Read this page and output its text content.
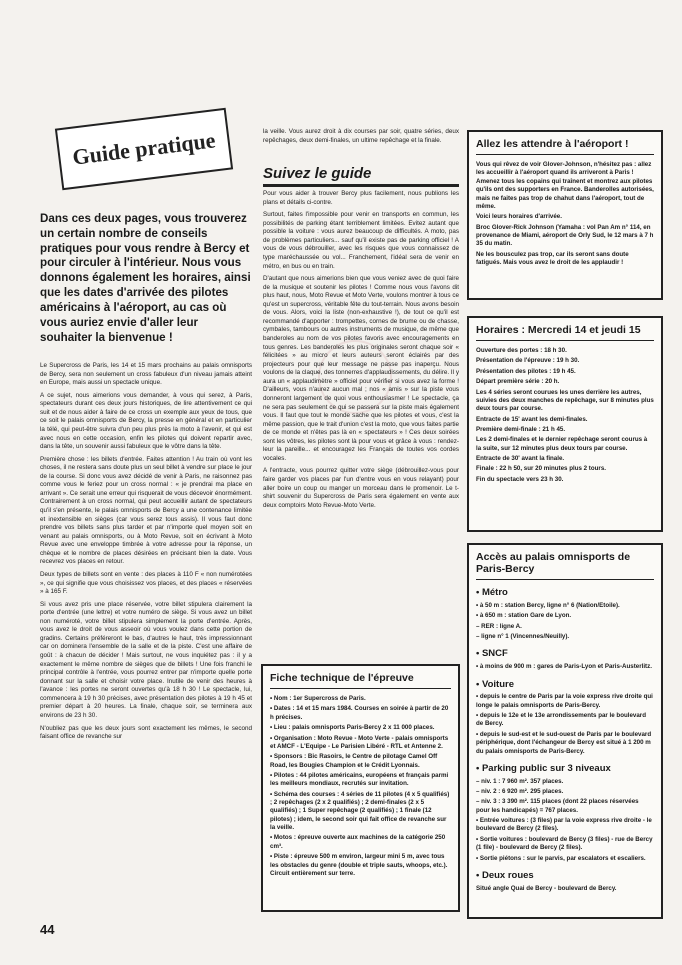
Guide pratique
Dans ces deux pages, vous trouverez un certain nombre de conseils pratiques pour vous rendre à Bercy et pour circuler à l'intérieur. Nous vous donnons également les horaires, ainsi que les dates d'arrivée des pilotes américains à l'aéroport, au cas où vous auriez envie d'aller leur souhaiter la bienvenue !

Le Supercross de Paris, les 14 et 15 mars prochains au palais omnisports de Bercy, sera non seulement un cross fabuleux d'un niveau jamais atteint en Europe, mais aussi un spectacle unique.

A ce sujet, nous aimerions vous demander, à vous qui serez, à Paris, spectateurs durant ces deux jours historiques, de lire attentivement ce qui suit et de nous aider à faire de ce cross un exemple aux yeux de tous, que ce soit le palais omnisports de Bercy, la presse en général et en particulier la télé, qui peut-être suivra d'un peu plus près la moto à l'avenir, et qui est avec nous en cette occasion, enfin les pilotes qui doivent repartir avec, dans la tête, un souvenir aussi fabuleux que le vôtre dans la tête.

Première chose : les billets d'entrée. Faites attention ! Au train où vont les choses, il ne restera sans doute plus un seul billet à vendre sur place le jour de la course. Si donc vous avez décidé de venir à Paris, ne raisonnez pas comme vous le feriez pour un cross normal : « je prendrai ma place en arrivant ». Ce serait une erreur qui risquerait de vous décevoir énormément. Contrairement à un cross normal, qui peut accueillir autant de spectateurs qu'il s'en présente, le palais omnisports de Bercy a une contenance limitée et inextensible en sièges (car vous serez tous assis). Il vous faut donc prendre vos billets sans plus tarder et par n'importe quel moyen soit en venant au palais omnisports, ou à Moto Revue, soit en écrivant à Moto Revue avec une enveloppe timbrée à votre adresse pour la réponse, un chèque et le nombre de places désirées en précisant bien la date. Vous recevrez vos places en retour.

Deux types de billets sont en vente : des places à 110 F « non numérotées », ce qui signifie que vous choisissez vos places, et des places « réservées » à 165 F.

Si vous avez pris une place réservée, votre billet stipulera clairement la porte d'entrée (une lettre) et votre numéro de siège. Si vous avez un billet non numéroté, votre billet stipulera simplement la porte d'entrée. Après, vous avez le droit de vous asseoir où vous voulez dans cette portion de gradins. Certains préféreront le bas, d'autres le haut, très impressionnant car on dominera l'ensemble de la salle et de la piste. C'est une affaire de goût : à chacun de décider ! Mais surtout, ne vous inquiétez pas : il y a exactement le même nombre de sièges que de billets ! Une fois franchi le principal contrôle à l'entrée, vous pourrez entrer par n'importe quelle porte donnant sur la salle et choisir votre place. Inutile de venir des heures à l'avance : les portes ne seront ouvertes qu'à 18 h 30 ! Le spectacle, lui, commencera à 19 h 30 précises, avec présentation des pilotes à 19 h 45 et premier départ à 20 heures. La finale, chaque soir, se terminera aux environs de 23 h 30.

N'oubliez pas que les deux jours sont exactement les mêmes, le second faisant office de revanche sur

la veille. Vous aurez droit à dix courses par soir, quatre séries, deux repêchages, deux demi-finales, un ultime repêchage et la finale.
Suivez le guide

Pour vous aider à trouver Bercy plus facilement, nous publions les plans et détails ci-contre.

Surtout, faites l'impossible pour venir en transports en commun, les possibilités de parking étant terriblement limitées. Evitez autant que possible la voiture : vous aurez beaucoup de difficultés. A moto, pas de problèmes particuliers... sauf qu'il existe pas de parking officiel ! A vous de vous débrouiller, avec les risques que vous connaissez de type maréchaussée ou vol... Franchement, l'idéal sera de venir en métro, en bus ou en train.

D'autant que nous aimerions bien que vous veniez avec de quoi faire de la musique et soutenir les pilotes ! Comme nous vous l'avons dit plus haut, nous, Moto Revue et Moto Verte, voulons montrer à tous ce qu'est un supercross, véritable fête du tout-terrain. Nous avons besoin de vous. Alors, voici la liste (non-exhaustive !), de tout ce qu'il est recommandé d'apporter : trompettes, cornes de brume ou de chasse, cymbales, tambours ou autres instruments de musique, de même que banderoles au nom de vos pilotes favoris avec encouragements en tous genres. Les banderoles les plus originales seront chaque soir « félicitées » au micro et leurs auteurs seront éclairés par des projecteurs pour que leur message ne passe pas inaperçu. Nous voulons de la claque, des tonnerres d'applaudissements, du délire. Il y aura un « applaudimètre » officiel pour vérifier si vous avez la forme ! D'ailleurs, vous n'aurez aucun mal ; nos « amis » sur la piste vous donneront largement de quoi vous enthousiasmer ! Le spectacle, ça ne sera pas seulement ce qui se passera sur la piste mais également vous. Il faut que tout le monde sache que les pilotes et vous, c'est la même passion, que le trait d'union c'est la moto, que vous faites partie de ce monde et n'êtes pas là en « spectateurs » ! Ces deux soirées sont les vôtres, les pilotes sont là pour vous et grâce à vous : rendez-leur la pareille... et encouragez les Français de toutes vos cordes vocales.

A l'entracte, vous pourrez quitter votre siège (débrouillez-vous pour faire garder vos places par l'un d'entre vous en vous relayant) pour aller boire un coup ou manger un morceau dans le promenoir. Le t-shirt souvenir du Supercross de Paris sera également en vente aux deux comptoirs Moto Revue-Moto Verte.

Fiche technique de l'épreuve

• Nom : 1er Supercross de Paris.

• Dates : 14 et 15 mars 1984. Courses en soirée à partir de 20 h précises.

• Lieu : palais omnisports Paris-Bercy 2 x 11 000 places.

• Organisation : Moto Revue - Moto Verte - palais omnisports et AMCF - L'Equipe - Le Parisien Libéré - RTL et Antenne 2.

• Sponsors : Bic Rasoirs, le Centre de pilotage Camel Off Road, les Bougies Champion et le Crédit Lyonnais.

• Pilotes : 44 pilotes américains, européens et français parmi les meilleurs mondiaux, recrutés sur invitation.

• Schéma des courses : 4 séries de 11 pilotes (4 x 5 qualifiés) ; 2 repêchages (2 x 2 qualifiés) ; 2 demi-finales (2 x 5 qualifiés) ; 1 Super repêchage (2 qualifiés) ; 1 finale (12 pilotes) ; idem, le second soir qui fait office de revanche sur la veille.

• Motos : épreuve ouverte aux machines de la catégorie 250 cm³.

• Piste : épreuve 500 m environ, largeur mini 5 m, avec tous les obstacles du genre (double et triple sauts, whoops, etc.). Circuit entièrement sur terre.

Allez les attendre à l'aéroport !

Vous qui rêvez de voir Glover-Johnson, n'hésitez pas : allez les accueillir à l'aéroport quand ils arriveront à Paris ! Amenez tous les copains qui traînent et montrez aux pilotes qu'ils ont des supporters en France. Banderolles autorisées, mais ne faites pas trop de chahut dans l'aéroport, tout de même.

Voici leurs horaires d'arrivée.

Broc Glover-Rick Johnson (Yamaha : vol Pan Am n° 114, en provenance de Miami, aéroport de Orly Sud, le 12 mars à 7 h 35 du matin.

Ne les bousculez pas trop, car ils seront sans doute fatigués. Mais vous avez le droit de les applaudir !

Horaires : Mercredi 14 et jeudi 15

Ouverture des portes : 18 h 30.

Présentation de l'épreuve : 19 h 30.

Présentation des pilotes : 19 h 45.

Départ première série : 20 h.

Les 4 séries seront courues les unes derrière les autres, suivies des deux manches de repêchage, sur 8 minutes plus deux tours par course.

Entracte de 15' avant les demi-finales.

Première demi-finale : 21 h 45.

Les 2 demi-finales et le dernier repêchage seront courus à la suite, sur 12 minutes plus deux tours par course.

Entracte de 30' avant la finale.

Finale : 22 h 50, sur 20 minutes plus 2 tours.

Fin du spectacle vers 23 h 30.

Accès au palais omnisports de Paris-Bercy
• Métro

• à 50 m : station Bercy, ligne n° 6 (Nation/Etoile).

• à 650 m : station Gare de Lyon.

– RER : ligne A.

– ligne n° 1 (Vincennes/Neuilly).

• SNCF

• à moins de 900 m : gares de Paris-Lyon et Paris-Austerlitz.

• Voiture

• depuis le centre de Paris par la voie express rive droite qui longe le palais omnisports de Paris-Bercy.

• depuis le 12e et le 13e arrondissements par le boulevard de Bercy.

• depuis le sud-est et le sud-ouest de Paris par le boulevard périphérique, dont l'échangeur de Bercy est situé à 1 200 m du palais omnisports de Paris-Bercy.

• Parking public sur 3 niveaux

– niv. 1 : 7 960 m². 357 places.

– niv. 2 : 6 920 m². 295 places.

– niv. 3 : 3 390 m². 115 places (dont 22 places réservées pour les handicapés) = 767 places.

• Entrée voitures : (3 files) par la voie express rive droite - le boulevard de Bercy (2 files).

• Sortie voitures : boulevard de Bercy (3 files) - rue de Bercy (1 file) - boulevard de Bercy (2 files).

• Sortie piétons : sur le parvis, par escalators et escaliers.

• Deux roues

Situé angle Quai de Bercy - boulevard de Bercy.

44
